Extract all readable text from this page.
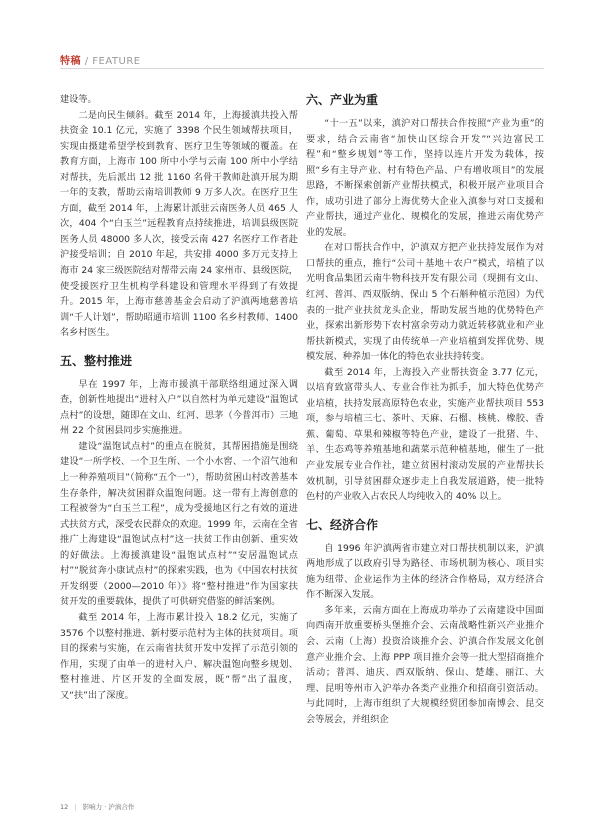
特稿 / FEATURE

建设等。

二是向民生倾斜。截至 2014 年，上海援滇共投入帮扶资金 10.1 亿元，实施了 3398 个民生领域帮扶项目，实现由摄建希望学校到教育、医疗卫生等领域的覆盖。在教育方面，上海市 100 所中小学与云南 100 所中小学结对帮扶，先后派出 12 批 1160 名骨干教师赴滇开展为期一年的支教，帮助云南培训教师 9 万多人次。在医疗卫生方面，截至 2014 年，上海累计派驻云南医务人员 465 人次，404 个“白玉兰”远程教育点持续推进，培训县级医院医务人员 48000 多人次，接受云南 427 名医疗工作者赴沪接受培训；自 2010 年起，共安排 4000 多万元支持上海市 24 家三级医院结对帮带云南 24 家州市、县级医院，使受援医疗卫生机构学科建设和管理水平得到了有效提升。2015 年，上海市慈善基金会启动了沪滇两地慈善培训“千人计划”，帮助昭通市培训 1100 名乡村教师、1400 名乡村医生。

五、整村推进

早在 1997 年，上海市援滇干部联络组通过深入调查，创新性地提出“进村入户”以自然村为单元建设“温饱试点村”的设想，随即在文山、红河、思茅（今普洱市）三地州 22 个贫困县同步实施推进。

建设“温饱试点村”的重点在脱贫，其帮困措施是围绕建设“一所学校、一个卫生所、一个小水窖、一个沼气池和上一种养殖项目”（简称“五个一”），帮助贫困山村改善基本生存条件，解决贫困群众温饱问题。这一带有上海创意的工程被誉为“白玉兰工程”，成为受援地区行之有效的道进式扶贫方式，深受农民群众的欢迎。1999 年，云南在全省推广上海建设“温饱试点村”这一扶贫工作由创新、重实效的好做法。上海援滇建设“温饱试点村”“安居温饱试点村”“脱贫奔小康试点村”的探索实践，也为《中国农村扶贫开发纲要（2000—2010 年）》将“整村推进”作为国家扶贫开发的重要载体，提供了可供研究借鉴的鲜活案例。

截至 2014 年，上海市累计投入 18.2 亿元，实施了 3576 个以整村推进、新村要示范村为主体的扶贫项目。项目的探索与实施，在云南省扶贫开发中发挥了示范引领的作用，实现了由单一的进村入户、解决温饱向整乡规划、整村推进、片区开发的全面发展，既“帮”出了温度，又“扶”出了深度。

六、产业为重

“十一五”以来，滇沪对口帮扶合作按照“产业为重”的要求，结合云南省“加快山区综合开发”“兴边富民工程”和“整乡规划”等工作，坚持以连片开发为载体，按照“乡有主导产业、村有特色产品、户有增收项目”的发展思路，不断探索创新产业帮扶模式，积极开展产业项目合作，成功引进了部分上海优势大企业入滇参与对口支援和产业帮扶，通过产业化、规模化的发展，推进云南优势产业的发展。

在对口帮扶合作中，沪滇双方把产业扶持发展作为对口帮扶的重点，推行“公司＋基地＋农户”模式，培植了以光明食品集团云南牛物科技开发有限公司（现拥有文山、红河、普洱、西双版纳、保山 5 个石斛种植示范园）为代表的一批产业扶贫龙头企业，帮助发展当地的优势特色产业，探索出新形势下农村富余劳动力就近转移就业和产业帮扶新模式，实现了由传统单一产业培植到发挥优势、规模发展、种养加一体化的特色农业扶持转变。

截至 2014 年，上海投入产业帮扶资金 3.77 亿元，以培育致富带头人、专业合作社为抓手，加大特色优势产业培植，扶持发展高原特色农业，实施产业帮扶项目 553 项，参与培植三七、茶叶、天麻、石榴、核桃、橡胶、香蕉、葡萄、草果和辣椒等特色产业，建设了一批猪、牛、羊、生态鸡等养殖基地和蔬菜示范种植基地，催生了一批产业发展专业合作社，建立贫困村滚动发展的产业帮扶长效机制，引导贫困群众逐步走上自我发展道路，使一批特色村的产业收入占农民人均纯收入的 40% 以上。

七、经济合作

自 1996 年沪滇两省市建立对口帮扶机制以来，沪滇两地形成了以政府引导为路径、市场机制为核心、项目实施为纽带、企业运作为主体的经济合作格局，双方经济合作不断深入发展。

多年来，云南方面在上海成功举办了云南建设中国面向西南开放重要桥头堡推介会、云南战略性新兴产业推介会、云南（上海）投资洽谈推介会、沪滇合作发展文化创意产业推介会、上海 PPP 项目推介会等一批大型招商推介活动；普洱、迪庆、西双版纳、保山、楚雄、丽江、大理、昆明等州市入沪举办各类产业推介和招商引资活动。与此同时，上海市组织了大规模经贸团参加南博会、昆交会等展会，并组织企

12 | 影响力 · 沪滇合作
